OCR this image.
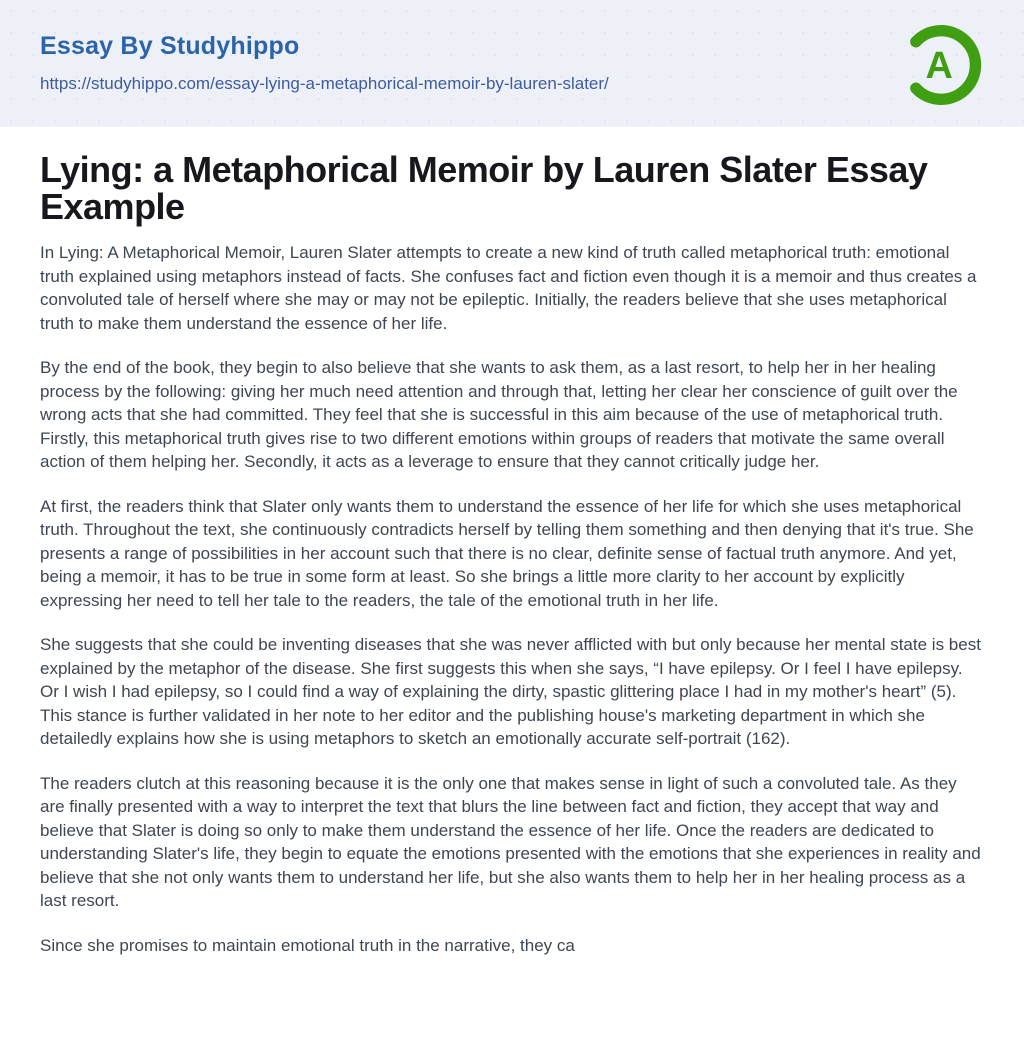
Essay By Studyhippo
https://studyhippo.com/essay-lying-a-metaphorical-memoir-by-lauren-slater/	A
Lying: a Metaphorical Memoir by Lauren Slater Essay Example

In Lying: A Metaphorical Memoir, Lauren Slater attempts to create a new kind of truth called metaphorical truth: emotional truth explained using metaphors instead of facts. She confuses fact and fiction even though it is a memoir and thus creates a convoluted tale of herself where she may or may not be epileptic. Initially, the readers believe that she uses metaphorical truth to make them understand the essence of her life.

By the end of the book, they begin to also believe that she wants to ask them, as a last resort, to help her in her healing process by the following: giving her much need attention and through that, letting her clear her conscience of guilt over the wrong acts that she had committed. They feel that she is successful in this aim because of the use of metaphorical truth. Firstly, this metaphorical truth gives rise to two different emotions within groups of readers that motivate the same overall action of them helping her. Secondly, it acts as a leverage to ensure that they cannot critically judge her.

At first, the readers think that Slater only wants them to understand the essence of her life for which she uses metaphorical truth. Throughout the text, she continuously contradicts herself by telling them something and then denying that it's true. She presents a range of possibilities in her account such that there is no clear, definite sense of factual truth anymore. And yet, being a memoir, it has to be true in some form at least. So she brings a little more clarity to her account by explicitly expressing her need to tell her tale to the readers, the tale of the emotional truth in her life.

She suggests that she could be inventing diseases that she was never afflicted with but only because her mental state is best explained by the metaphor of the disease. She first suggests this when she says, “I have epilepsy. Or I feel I have epilepsy. Or I wish I had epilepsy, so I could find a way of explaining the dirty, spastic glittering place I had in my mother's heart” (5). This stance is further validated in her note to her editor and the publishing house's marketing department in which she detailedly explains how she is using metaphors to sketch an emotionally accurate self-portrait (162).

The readers clutch at this reasoning because it is the only one that makes sense in light of such a convoluted tale. As they are finally presented with a way to interpret the text that blurs the line between fact and fiction, they accept that way and believe that Slater is doing so only to make them understand the essence of her life. Once the readers are dedicated to understanding Slater's life, they begin to equate the emotions presented with the emotions that she experiences in reality and believe that she not only wants them to understand her life, but she also wants them to help her in her healing process as a last resort.

Since she promises to maintain emotional truth in the narrative, they ca
